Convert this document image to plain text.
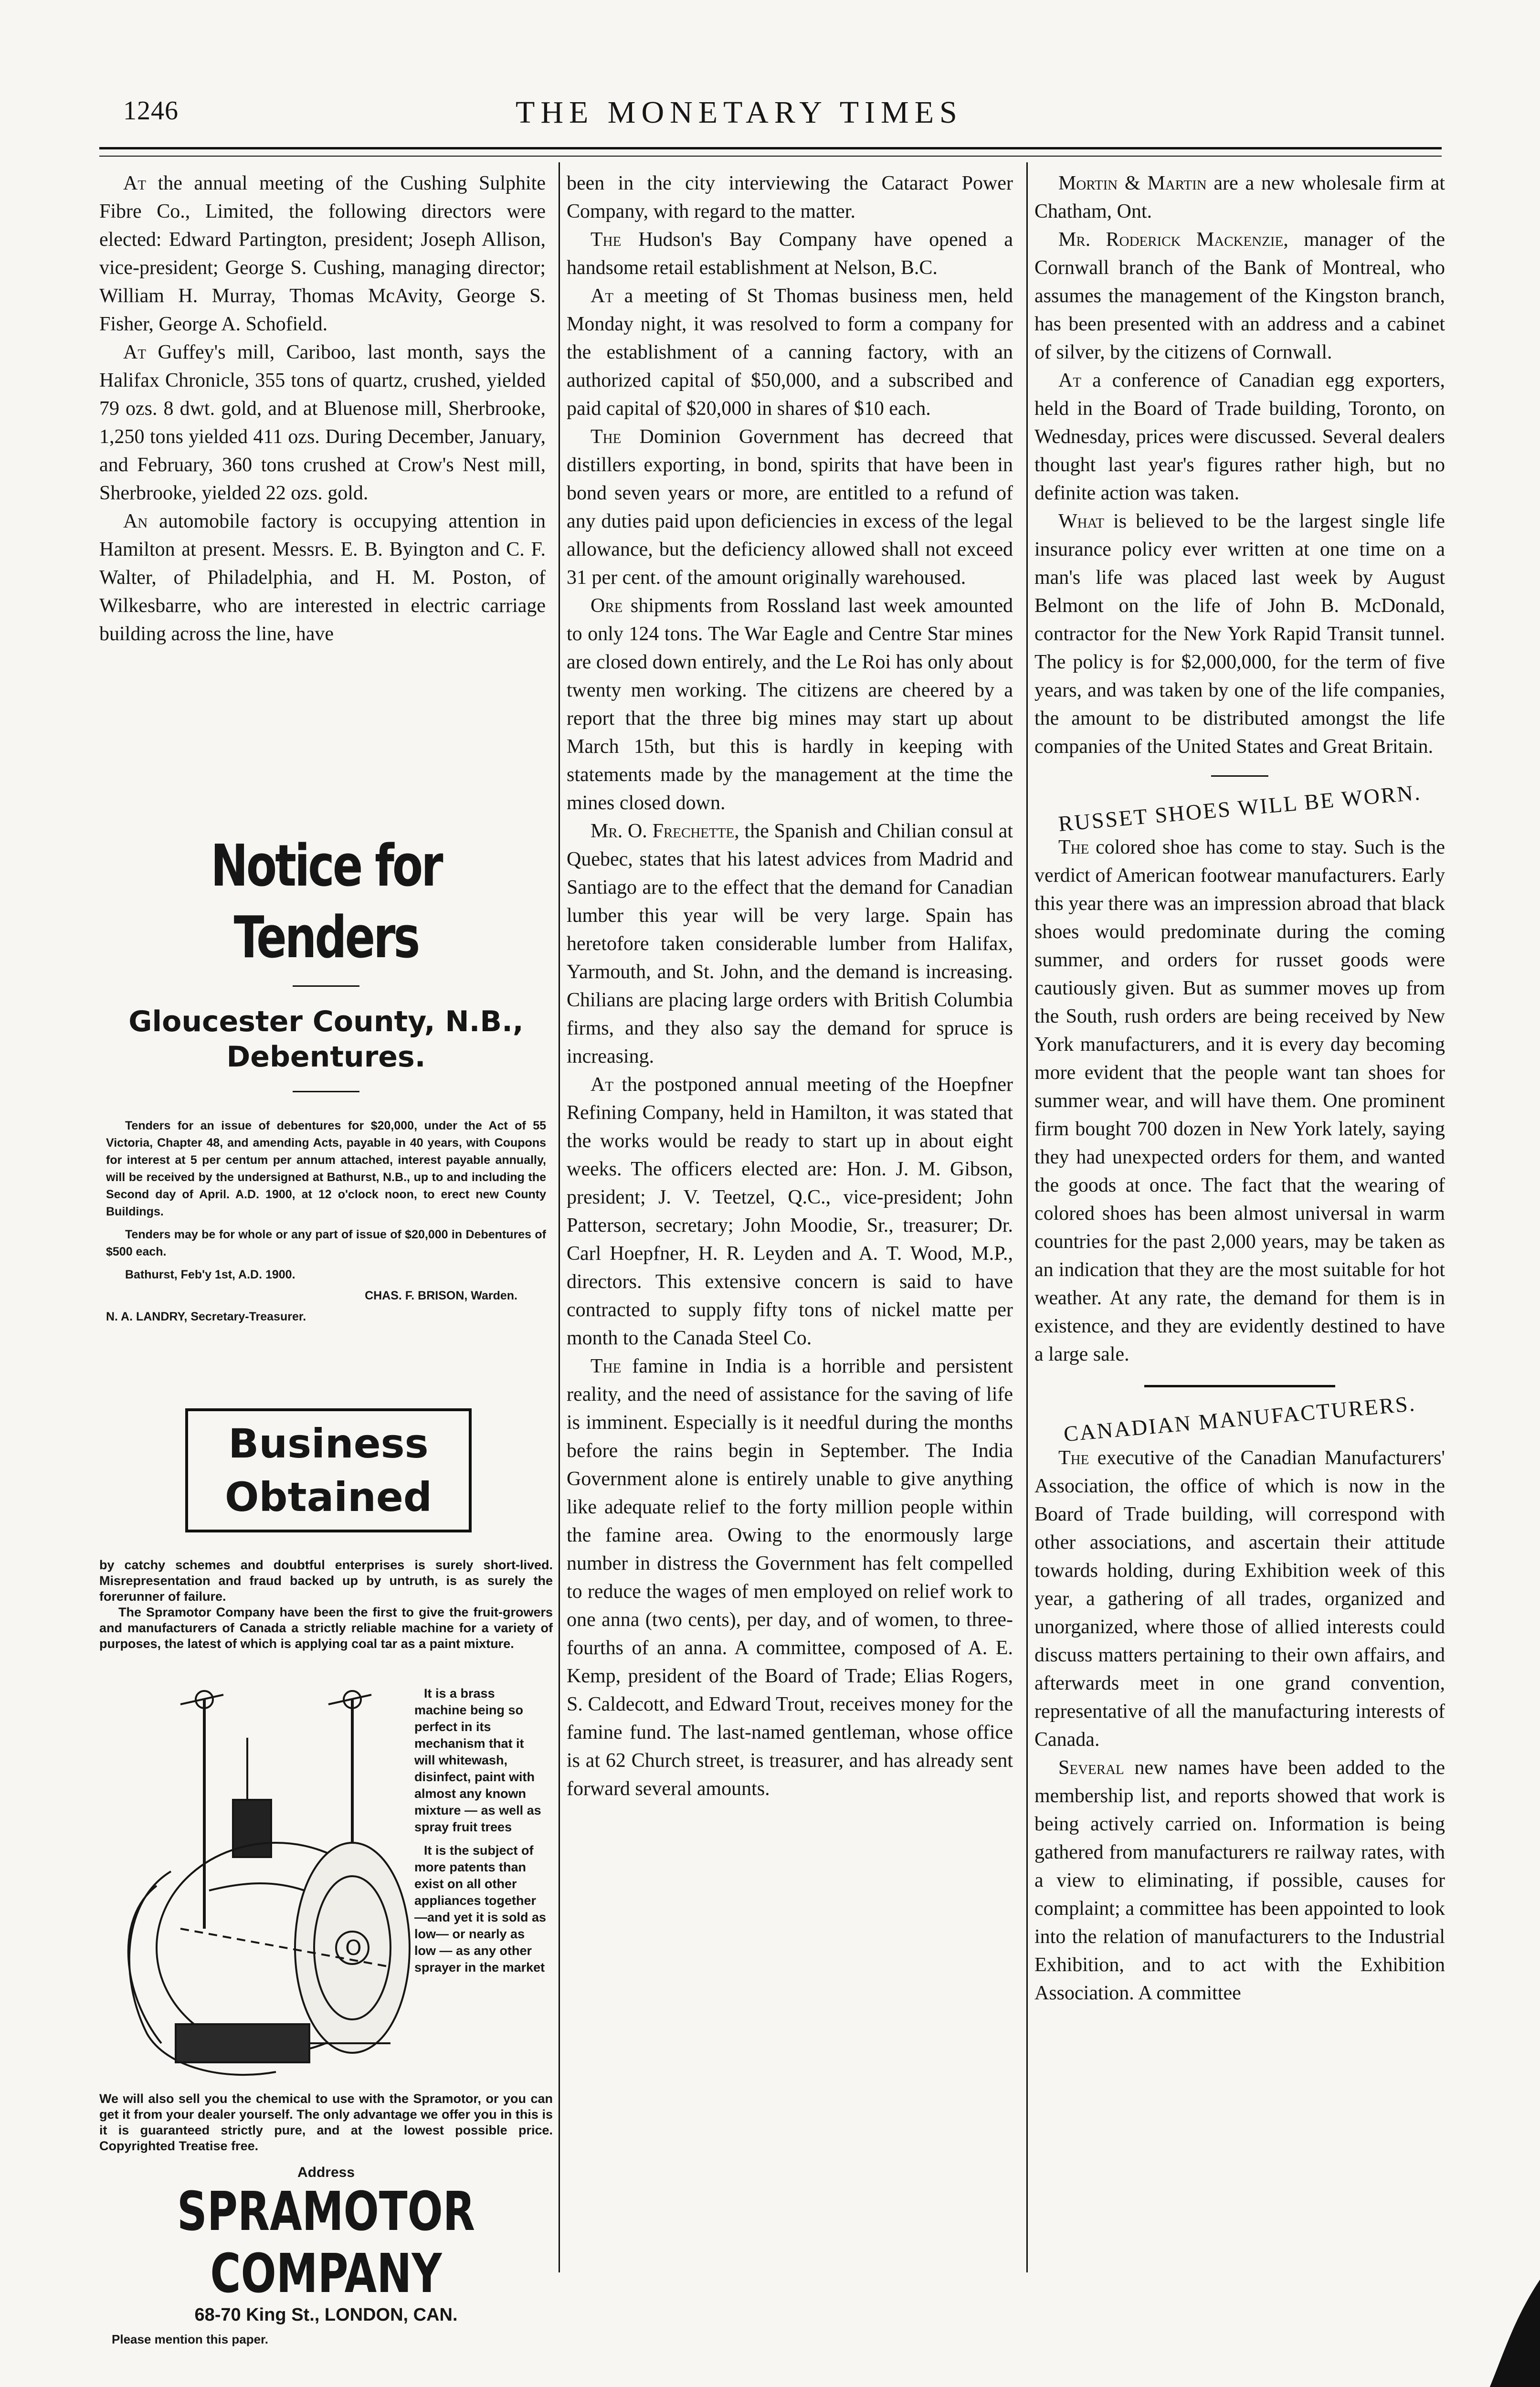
1246	THE MONETARY TIMES

At the annual meeting of the Cushing Sulphite Fibre Co., Limited, the following directors were elected: Edward Partington, president; Joseph Allison, vice-president; George S. Cushing, managing director; William H. Murray, Thomas McAvity, George S. Fisher, George A. Schofield.

At Guffey's mill, Cariboo, last month, says the Halifax Chronicle, 355 tons of quartz, crushed, yielded 79 ozs. 8 dwt. gold, and at Bluenose mill, Sherbrooke, 1,250 tons yielded 411 ozs. During December, January, and February, 360 tons crushed at Crow's Nest mill, Sherbrooke, yielded 22 ozs. gold.

An automobile factory is occupying attention in Hamilton at present. Messrs. E. B. Byington and C. F. Walter, of Philadelphia, and H. M. Poston, of Wilkesbarre, who are interested in electric carriage building across the line, have

Notice for Tenders
Gloucester County, N.B.,
Debentures.

Tenders for an issue of debentures for $20,000, under the Act of 55 Victoria, Chapter 48, and amending Acts, payable in 40 years, with Coupons for interest at 5 per centum per annum attached, interest payable annually, will be received by the undersigned at Bathurst, N.B., up to and including the Second day of April. A.D. 1900, at 12 o'clock noon, to erect new County Buildings.

Tenders may be for whole or any part of issue of $20,000 in Debentures of $500 each.

Bathurst, Feb'y 1st, A.D. 1900.

CHAS. F. BRISON, Warden.

N. A. LANDRY, Secretary-Treasurer.

Business
Obtained

by catchy schemes and doubtful enterprises is surely short-lived. Misrepresentation and fraud backed up by untruth, is as surely the forerunner of failure.

The Spramotor Company have been the first to give the fruit-growers and manufacturers of Canada a strictly reliable machine for a variety of purposes, the latest of which is applying coal tar as a paint mixture.

O

It is a brass machine being so perfect in its mechanism that it will whitewash, disinfect, paint with almost any known mixture — as well as spray fruit trees

It is the subject of more patents than exist on all other appliances together —and yet it is sold as low— or nearly as low — as any other sprayer in the market

We will also sell you the chemical to use with the Spramotor, or you can get it from your dealer yourself. The only advantage we offer you in this is it is guaranteed strictly pure, and at the lowest possible price. Copyrighted Treatise free.
Address
SPRAMOTOR COMPANY
68-70 King St., LONDON, CAN.
Please mention this paper.

been in the city interviewing the Cataract Power Company, with regard to the matter.

The Hudson's Bay Company have opened a handsome retail establishment at Nelson, B.C.

At a meeting of St Thomas business men, held Monday night, it was resolved to form a company for the establishment of a canning factory, with an authorized capital of $50,000, and a subscribed and paid capital of $20,000 in shares of $10 each.

The Dominion Government has decreed that distillers exporting, in bond, spirits that have been in bond seven years or more, are entitled to a refund of any duties paid upon deficiencies in excess of the legal allowance, but the deficiency allowed shall not exceed 31 per cent. of the amount originally warehoused.

Ore shipments from Rossland last week amounted to only 124 tons. The War Eagle and Centre Star mines are closed down entirely, and the Le Roi has only about twenty men working. The citizens are cheered by a report that the three big mines may start up about March 15th, but this is hardly in keeping with statements made by the management at the time the mines closed down.

Mr. O. Frechette, the Spanish and Chilian consul at Quebec, states that his latest advices from Madrid and Santiago are to the effect that the demand for Canadian lumber this year will be very large. Spain has heretofore taken considerable lumber from Halifax, Yarmouth, and St. John, and the demand is increasing. Chilians are placing large orders with British Columbia firms, and they also say the demand for spruce is increasing.

At the postponed annual meeting of the Hoepfner Refining Company, held in Hamilton, it was stated that the works would be ready to start up in about eight weeks. The officers elected are: Hon. J. M. Gibson, president; J. V. Teetzel, Q.C., vice-president; John Patterson, secretary; John Moodie, Sr., treasurer; Dr. Carl Hoepfner, H. R. Leyden and A. T. Wood, M.P., directors. This extensive concern is said to have contracted to supply fifty tons of nickel matte per month to the Canada Steel Co.

The famine in India is a horrible and persistent reality, and the need of assistance for the saving of life is imminent. Especially is it needful during the months before the rains begin in September. The India Government alone is entirely unable to give anything like adequate relief to the forty million people within the famine area. Owing to the enormously large number in distress the Government has felt compelled to reduce the wages of men employed on relief work to one anna (two cents), per day, and of women, to three-fourths of an anna. A committee, composed of A. E. Kemp, president of the Board of Trade; Elias Rogers, S. Caldecott, and Edward Trout, receives money for the famine fund. The last-named gentleman, whose office is at 62 Church street, is treasurer, and has already sent forward several amounts.

Mortin & Martin are a new wholesale firm at Chatham, Ont.

Mr. Roderick Mackenzie, manager of the Cornwall branch of the Bank of Montreal, who assumes the management of the Kingston branch, has been presented with an address and a cabinet of silver, by the citizens of Cornwall.

At a conference of Canadian egg exporters, held in the Board of Trade building, Toronto, on Wednesday, prices were discussed. Several dealers thought last year's figures rather high, but no definite action was taken.

What is believed to be the largest single life insurance policy ever written at one time on a man's life was placed last week by August Belmont on the life of John B. McDonald, contractor for the New York Rapid Transit tunnel. The policy is for $2,000,000, for the term of five years, and was taken by one of the life companies, the amount to be distributed amongst the life companies of the United States and Great Britain.

RUSSET SHOES WILL BE WORN.

The colored shoe has come to stay. Such is the verdict of American footwear manufacturers. Early this year there was an impression abroad that black shoes would predominate during the coming summer, and orders for russet goods were cautiously given. But as summer moves up from the South, rush orders are being received by New York manufacturers, and it is every day becoming more evident that the people want tan shoes for summer wear, and will have them. One prominent firm bought 700 dozen in New York lately, saying they had unexpected orders for them, and wanted the goods at once. The fact that the wearing of colored shoes has been almost universal in warm countries for the past 2,000 years, may be taken as an indication that they are the most suitable for hot weather. At any rate, the demand for them is in existence, and they are evidently destined to have a large sale.

CANADIAN MANUFACTURERS.

The executive of the Canadian Manufacturers' Association, the office of which is now in the Board of Trade building, will correspond with other associations, and ascertain their attitude towards holding, during Exhibition week of this year, a gathering of all trades, organized and unorganized, where those of allied interests could discuss matters pertaining to their own affairs, and afterwards meet in one grand convention, representative of all the manufacturing interests of Canada.

Several new names have been added to the membership list, and reports showed that work is being actively carried on. Information is being gathered from manufacturers re railway rates, with a view to eliminating, if possible, causes for complaint; a committee has been appointed to look into the relation of manufacturers to the Industrial Exhibition, and to act with the Exhibition Association. A committee
